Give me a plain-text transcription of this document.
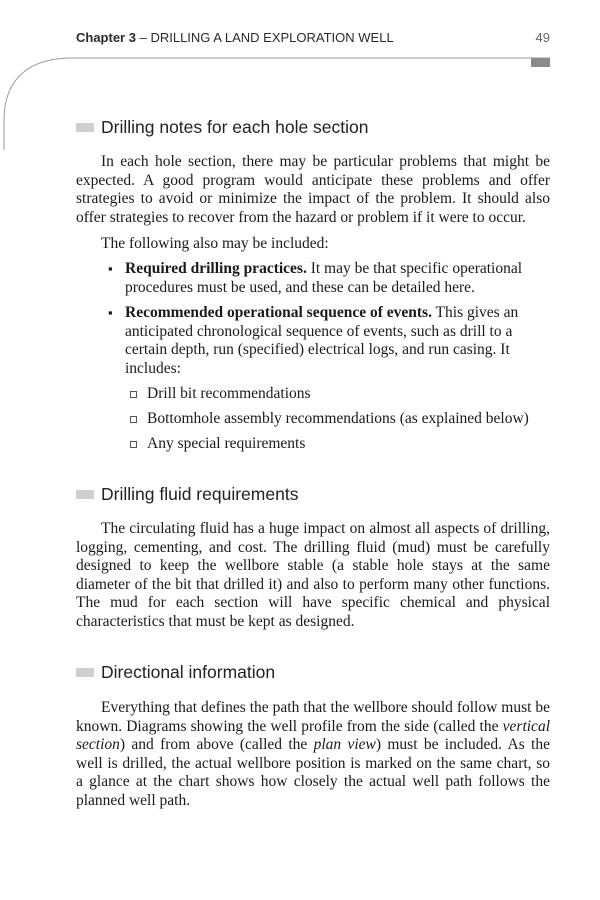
Chapter 3 – DRILLING A LAND EXPLORATION WELL	49
Drilling notes for each hole section

In each hole section, there may be particular problems that might be expected. A good program would anticipate these problems and offer strategies to avoid or minimize the impact of the problem. It should also offer strategies to recover from the hazard or problem if it were to occur.

The following also may be included:

▪ Required drilling practices. It may be that specific operational procedures must be used, and these can be detailed here.
▪ Recommended operational sequence of events. This gives an anticipated chronological sequence of events, such as drill to a certain depth, run (specified) electrical logs, and run casing. It includes:
Drill bit recommendations
Bottomhole assembly recommendations (as explained below)
Any special requirements
Drilling fluid requirements

The circulating fluid has a huge impact on almost all aspects of drilling, logging, cementing, and cost. The drilling fluid (mud) must be carefully designed to keep the wellbore stable (a stable hole stays at the same diameter of the bit that drilled it) and also to perform many other functions. The mud for each section will have specific chemical and physical characteristics that must be kept as designed.

Directional information

Everything that defines the path that the wellbore should follow must be known. Diagrams showing the well profile from the side (called the vertical section) and from above (called the plan view) must be included. As the well is drilled, the actual wellbore position is marked on the same chart, so a glance at the chart shows how closely the actual well path follows the planned well path.
